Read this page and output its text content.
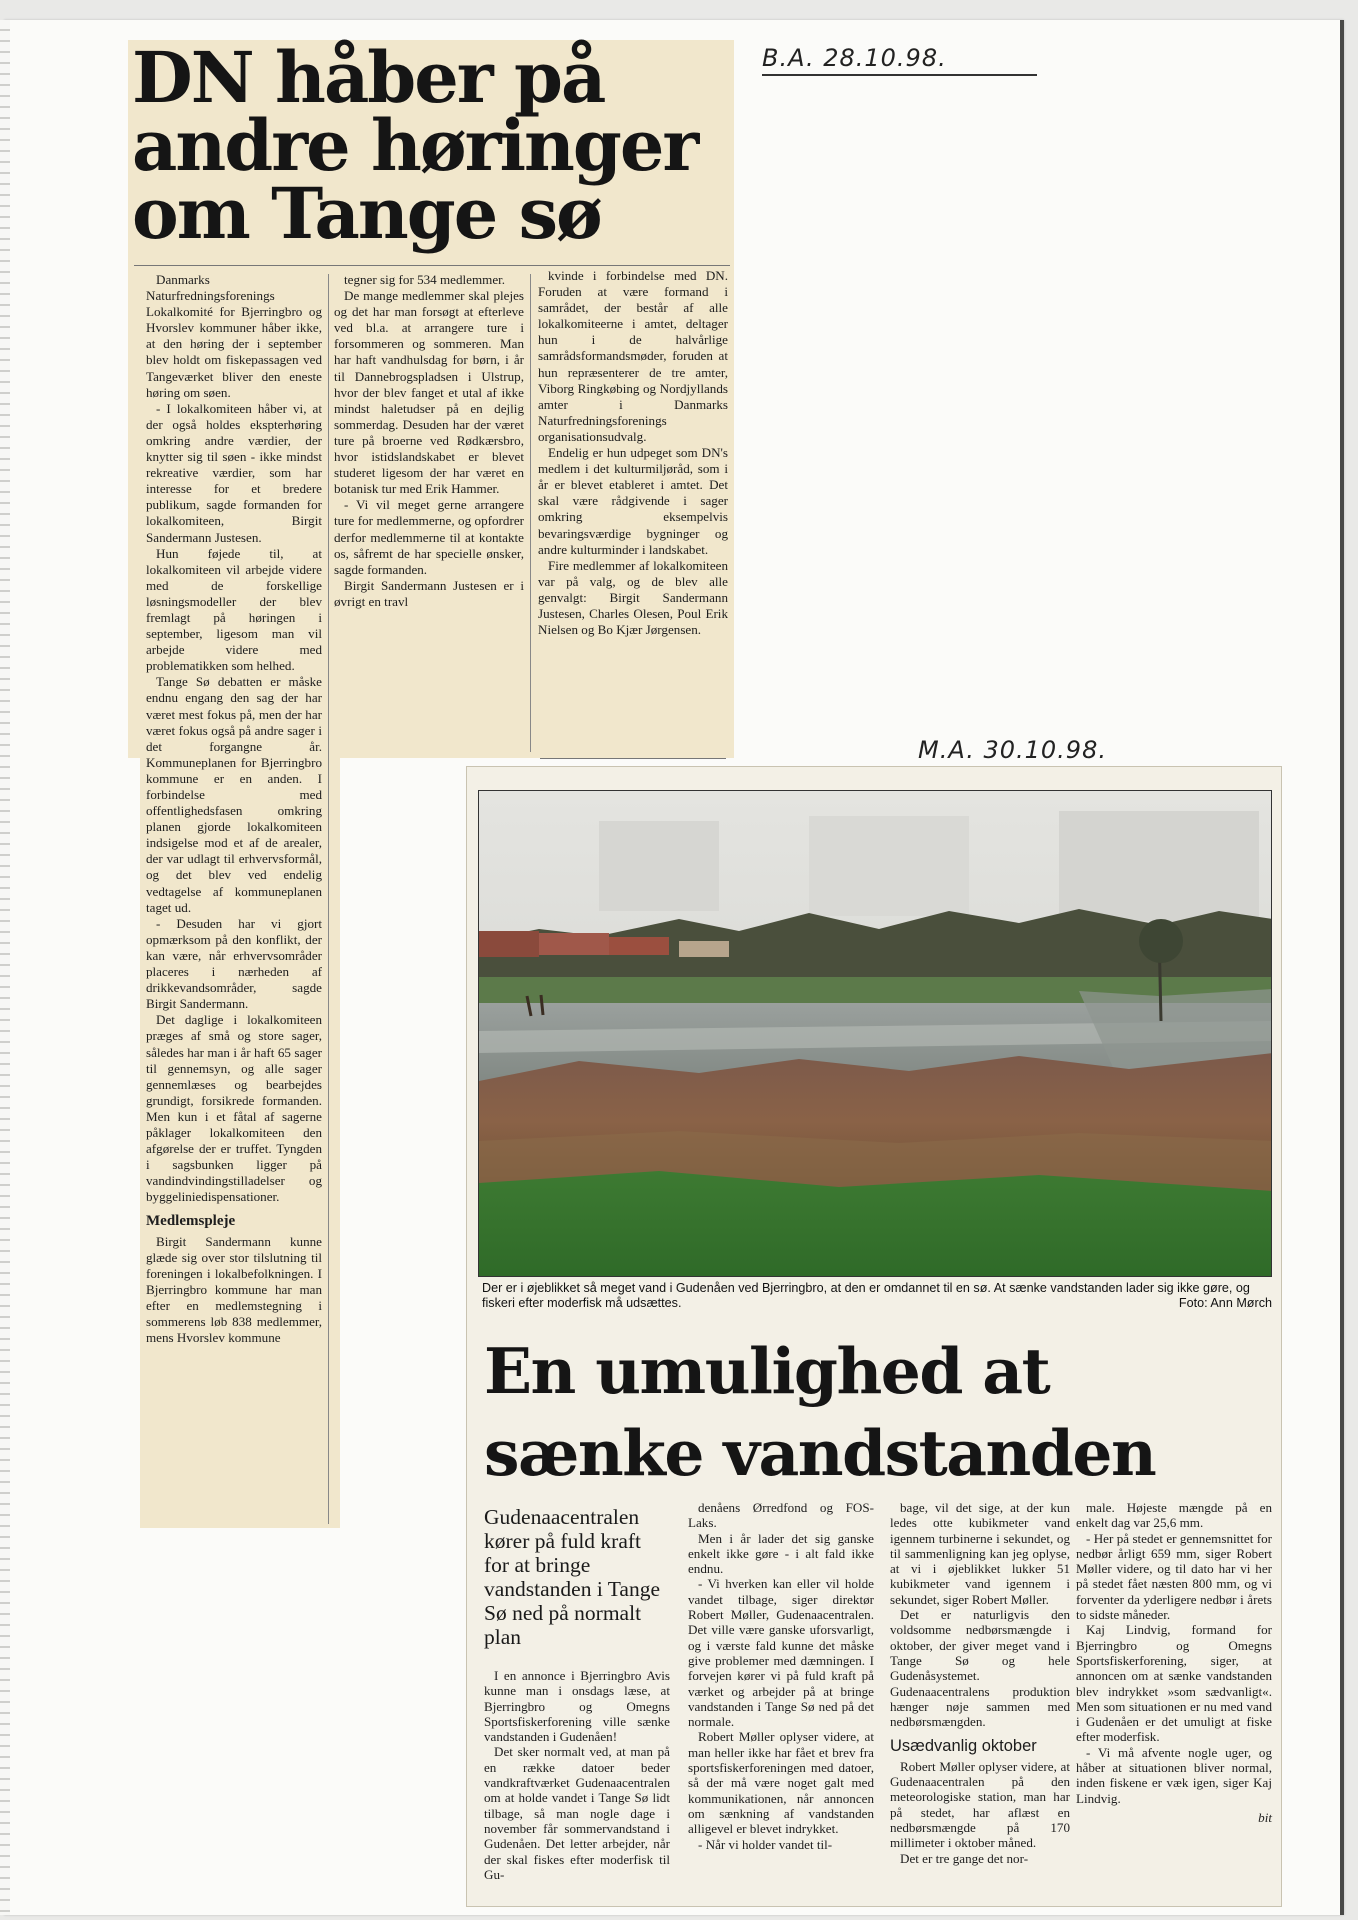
B.A. 28.10.98.
M.A. 30.10.98.
DN håber på andre høringer om Tange sø

Danmarks Naturfredningsforenings Lokalkomité for Bjerringbro og Hvorslev kommuner håber ikke, at den høring der i september blev holdt om fiskepassagen ved Tangeværket bliver den eneste høring om søen.

- I lokalkomiteen håber vi, at der også holdes ekspterhøring omkring andre værdier, der knytter sig til søen - ikke mindst rekreative værdier, som har interesse for et bredere publikum, sagde formanden for lokalkomiteen, Birgit Sandermann Justesen.

Hun føjede til, at lokalkomiteen vil arbejde videre med de forskellige løsningsmodeller der blev fremlagt på høringen i september, ligesom man vil arbejde videre med problematikken som helhed.

Tange Sø debatten er måske endnu engang den sag der har været mest fokus på, men der har været fokus også på andre sager i det forgangne år. Kommuneplanen for Bjerringbro kommune er en anden. I forbindelse med offentlighedsfasen omkring planen gjorde lokalkomiteen indsigelse mod et af de arealer, der var udlagt til erhvervsformål, og det blev ved endelig vedtagelse af kommuneplanen taget ud.

- Desuden har vi gjort opmærksom på den konflikt, der kan være, når erhvervsområder placeres i nærheden af drikkevandsområder, sagde Birgit Sandermann.

Det daglige i lokalkomiteen præges af små og store sager, således har man i år haft 65 sager til gennemsyn, og alle sager gennemlæses og bearbejdes grundigt, forsikrede formanden. Men kun i et fåtal af sagerne påklager lokalkomiteen den afgørelse der er truffet. Tyngden i sagsbunken ligger på vandindvindingstilladelser og byggeliniedispensationer.

Medlemspleje

Birgit Sandermann kunne glæde sig over stor tilslutning til foreningen i lokalbefolkningen. I Bjerringbro kommune har man efter en medlemstegning i sommerens løb 838 medlemmer, mens Hvorslev kommune

tegner sig for 534 medlemmer.

De mange medlemmer skal plejes og det har man forsøgt at efterleve ved bl.a. at arrangere ture i forsommeren og sommeren. Man har haft vandhulsdag for børn, i år til Dannebrogspladsen i Ulstrup, hvor der blev fanget et utal af ikke mindst haletudser på en dejlig sommerdag. Desuden har der været ture på broerne ved Rødkærsbro, hvor istidslandskabet er blevet studeret ligesom der har været en botanisk tur med Erik Hammer.

- Vi vil meget gerne arrangere ture for medlemmerne, og opfordrer derfor medlemmerne til at kontakte os, såfremt de har specielle ønsker, sagde formanden.

Birgit Sandermann Justesen er i øvrigt en travl

kvinde i forbindelse med DN. Foruden at være formand i samrådet, der består af alle lokalkomiteerne i amtet, deltager hun i de halvårlige samrådsformandsmøder, foruden at hun repræsenterer de tre amter, Viborg Ringkøbing og Nordjyllands amter i Danmarks Naturfredningsforenings organisationsudvalg.

Endelig er hun udpeget som DN's medlem i det kulturmiljøråd, som i år er blevet etableret i amtet. Det skal være rådgivende i sager omkring eksempelvis bevaringsværdige bygninger og andre kulturminder i landskabet.

Fire medlemmer af lokalkomiteen var på valg, og de blev alle genvalgt: Birgit Sandermann Justesen, Charles Olesen, Poul Erik Nielsen og Bo Kjær Jørgensen.

Der er i øjeblikket så meget vand i Gudenåen ved Bjerringbro, at den er omdannet til en sø. At sænke vandstanden lader sig ikke gøre, og fiskeri efter moderfisk må udsættes.	Foto: Ann Mørch
En umulighed at sænke vandstanden
Gudenaacentralen kører på fuld kraft for at bringe vandstanden i Tange Sø ned på normalt plan

I en annonce i Bjerringbro Avis kunne man i onsdags læse, at Bjerringbro og Omegns Sportsfiskerforening ville sænke vandstanden i Gudenåen!

Det sker normalt ved, at man på en række datoer beder vandkraftværket Gudenaacentralen om at holde vandet i Tange Sø lidt tilbage, så man nogle dage i november får sommervandstand i Gudenåen. Det letter arbejder, når der skal fiskes efter moderfisk til Gu-

denåens Ørredfond og FOS-Laks.

Men i år lader det sig ganske enkelt ikke gøre - i alt fald ikke endnu.

- Vi hverken kan eller vil holde vandet tilbage, siger direktør Robert Møller, Gudenaacentralen. Det ville være ganske uforsvarligt, og i værste fald kunne det måske give problemer med dæmningen. I forvejen kører vi på fuld kraft på værket og arbejder på at bringe vandstanden i Tange Sø ned på det normale.

Robert Møller oplyser videre, at man heller ikke har fået et brev fra sportsfiskerforeningen med datoer, så der må være noget galt med kommunikationen, når annoncen om sænkning af vandstanden alligevel er blevet indrykket.

- Når vi holder vandet til-

bage, vil det sige, at der kun ledes otte kubikmeter vand igennem turbinerne i sekundet, og til sammenligning kan jeg oplyse, at vi i øjeblikket lukker 51 kubikmeter vand igennem i sekundet, siger Robert Møller.

Det er naturligvis den voldsomme nedbørsmængde i oktober, der giver meget vand i Tange Sø og hele Gudenåsystemet. Gudenaacentralens produktion hænger nøje sammen med nedbørsmængden.

Usædvanlig oktober

Robert Møller oplyser videre, at Gudenaacentralen på den meteorologiske station, man har på stedet, har aflæst en nedbørsmængde på 170 millimeter i oktober måned.

Det er tre gange det nor-

male. Højeste mængde på en enkelt dag var 25,6 mm.

- Her på stedet er gennemsnittet for nedbør årligt 659 mm, siger Robert Møller videre, og til dato har vi her på stedet fået næsten 800 mm, og vi forventer da yderligere nedbør i årets to sidste måneder.

Kaj Lindvig, formand for Bjerringbro og Omegns Sportsfiskerforening, siger, at annoncen om at sænke vandstanden blev indrykket »som sædvanligt«. Men som situationen er nu med vand i Gudenåen er det umuligt at fiske efter moderfisk.

- Vi må afvente nogle uger, og håber at situationen bliver normal, inden fiskene er væk igen, siger Kaj Lindvig.

bit
